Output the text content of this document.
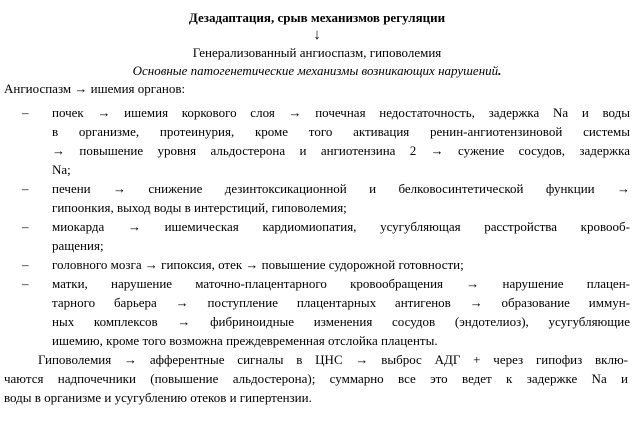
Дезадаптация, срыв механизмов регуляции
↓
Генерализованный ангиоспазм, гиповолемия
Основные патогенетические механизмы возникающих нарушений.
Ангиоспазм → ишемия органов:
– почек → ишемия коркового слоя → почечная недостаточность, задержка Na и воды
в организме, протеинурия, кроме того активация ренин-ангиотензиновой системы
→ повышение уровня альдостерона и ангиотензина 2 → сужение сосудов, задержка
Na;
– печени → снижение дезинтоксикационной и белковосинтетической функции →
гипоонкия, выход воды в интерстиций, гиповолемия;
– миокарда → ишемическая кардиомиопатия, усугубляющая расстройства кровооб-
ращения;
– головного мозга → гипоксия, отек → повышение судорожной готовности;
– матки, нарушение маточно-плацентарного кровообращения → нарушение плацен-
тарного барьера → поступление плацентарных антигенов → образование иммун-
ных комплексов → фибриноидные изменения сосудов (эндотелиоз), усугубляющие
ишемию, кроме того возможна преждевременная отслойка плаценты.
Гиповолемия → афферентные сигналы в ЦНС → выброс АДГ + через гипофиз вклю-
чаются надпочечники (повышение альдостерона); суммарно все это ведет к задержке Na и
воды в организме и усугублению отеков и гипертензии.
